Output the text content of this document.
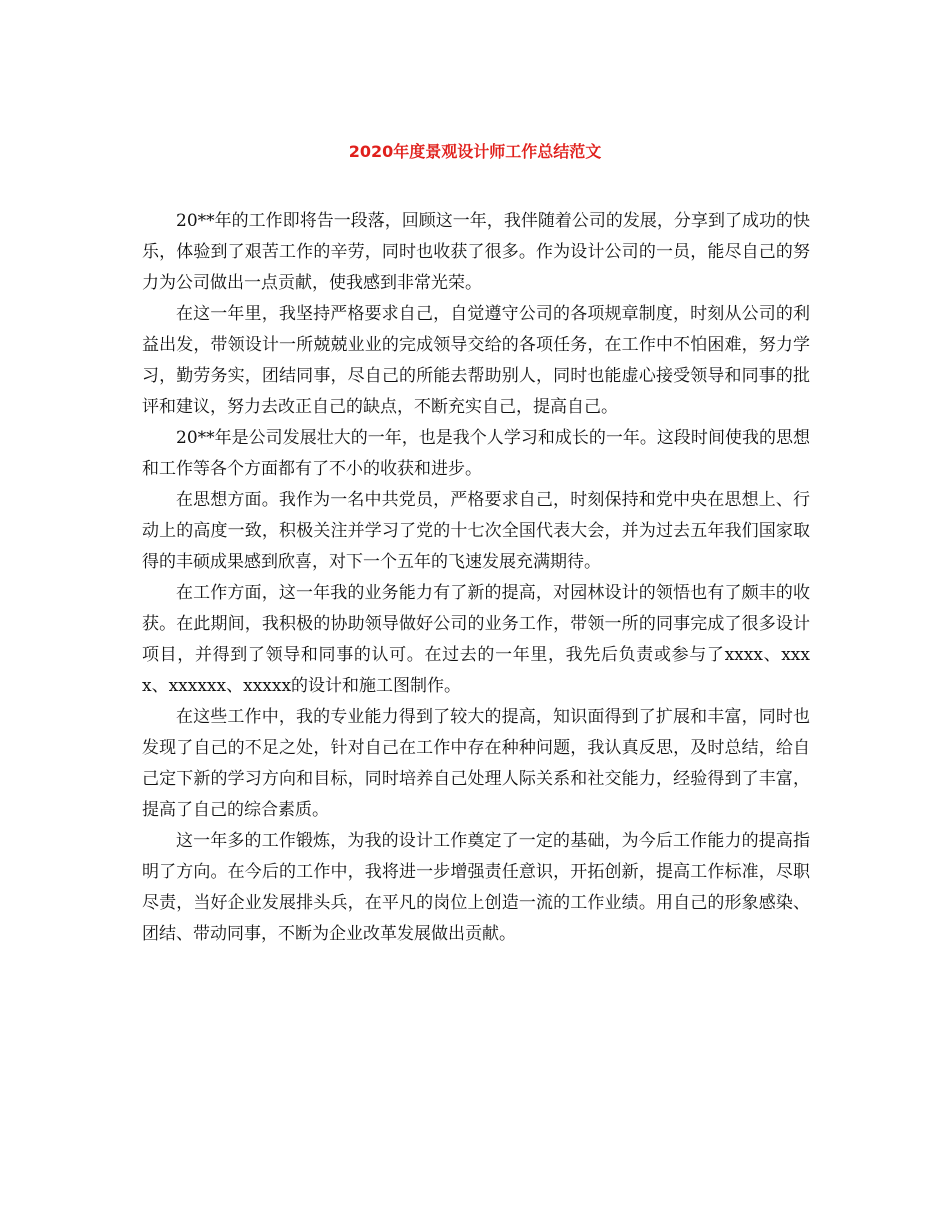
2020年度景观设计师工作总结范文

20**年的工作即将告一段落，回顾这一年，我伴随着公司的发展，分享到了成功的快乐，体验到了艰苦工作的辛劳，同时也收获了很多。作为设计公司的一员，能尽自己的努力为公司做出一点贡献，使我感到非常光荣。

在这一年里，我坚持严格要求自己，自觉遵守公司的各项规章制度，时刻从公司的利益出发，带领设计一所兢兢业业的完成领导交给的各项任务，在工作中不怕困难，努力学习，勤劳务实，团结同事，尽自己的所能去帮助别人，同时也能虚心接受领导和同事的批评和建议，努力去改正自己的缺点，不断充实自己，提高自己。

20**年是公司发展壮大的一年，也是我个人学习和成长的一年。这段时间使我的思想和工作等各个方面都有了不小的收获和进步。

在思想方面。我作为一名中共党员，严格要求自己，时刻保持和党中央在思想上、行动上的高度一致，积极关注并学习了党的十七次全国代表大会，并为过去五年我们国家取得的丰硕成果感到欣喜，对下一个五年的飞速发展充满期待。

在工作方面，这一年我的业务能力有了新的提高，对园林设计的领悟也有了颇丰的收获。在此期间，我积极的协助领导做好公司的业务工作，带领一所的同事完成了很多设计项目，并得到了领导和同事的认可。在过去的一年里，我先后负责或参与了xxxx、xxxx、xxxxxx、xxxxx的设计和施工图制作。

在这些工作中，我的专业能力得到了较大的提高，知识面得到了扩展和丰富，同时也发现了自己的不足之处，针对自己在工作中存在种种问题，我认真反思，及时总结，给自己定下新的学习方向和目标，同时培养自己处理人际关系和社交能力，经验得到了丰富，提高了自己的综合素质。

这一年多的工作锻炼，为我的设计工作奠定了一定的基础，为今后工作能力的提高指明了方向。在今后的工作中，我将进一步增强责任意识，开拓创新，提高工作标准，尽职尽责，当好企业发展排头兵，在平凡的岗位上创造一流的工作业绩。用自己的形象感染、团结、带动同事，不断为企业改革发展做出贡献。
